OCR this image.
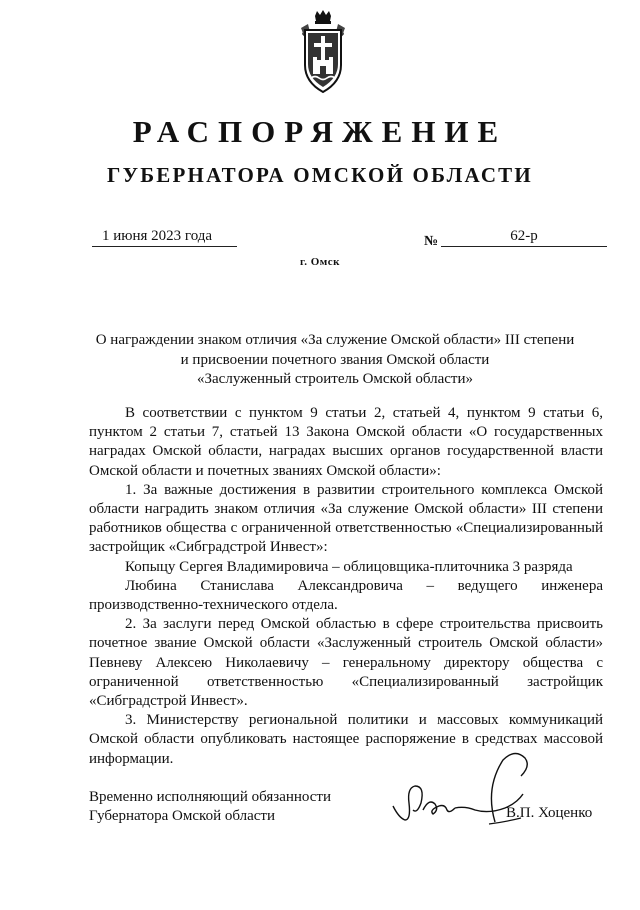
РАСПОРЯЖЕНИЕ
ГУБЕРНАТОРА ОМСКОЙ ОБЛАСТИ
1 июня 2023 года	№	62-р
г. Омск
О награждении знаком отличия «За служение Омской области» III степени
и присвоении почетного звания Омской области
«Заслуженный строитель Омской области»

В соответствии с пунктом 9 статьи 2, статьей 4, пунктом 9 статьи 6, пунктом 2 статьи 7, статьей 13 Закона Омской области «О государственных наградах Омской области, наградах высших органов государственной власти Омской области и почетных званиях Омской области»:

1. За важные достижения в развитии строительного комплекса Омской области наградить знаком отличия «За служение Омской области» III степени работников общества с ограниченной ответственностью «Специализированный застройщик «Сибградстрой Инвест»:

Копыцу Сергея Владимировича – облицовщика-плиточника 3 разряда

Любина Станислава Александровича – ведущего инженера производственно-технического отдела.

2. За заслуги перед Омской областью в сфере строительства присвоить почетное звание Омской области «Заслуженный строитель Омской области» Певневу Алексею Николаевичу – генеральному директору общества с ограниченной ответственностью «Специализированный застройщик «Сибградстрой Инвест».

3. Министерству региональной политики и массовых коммуникаций Омской области опубликовать настоящее распоряжение в средствах массовой информации.

Временно исполняющий обязанности
Губернатора Омской области	В.П. Хоценко
